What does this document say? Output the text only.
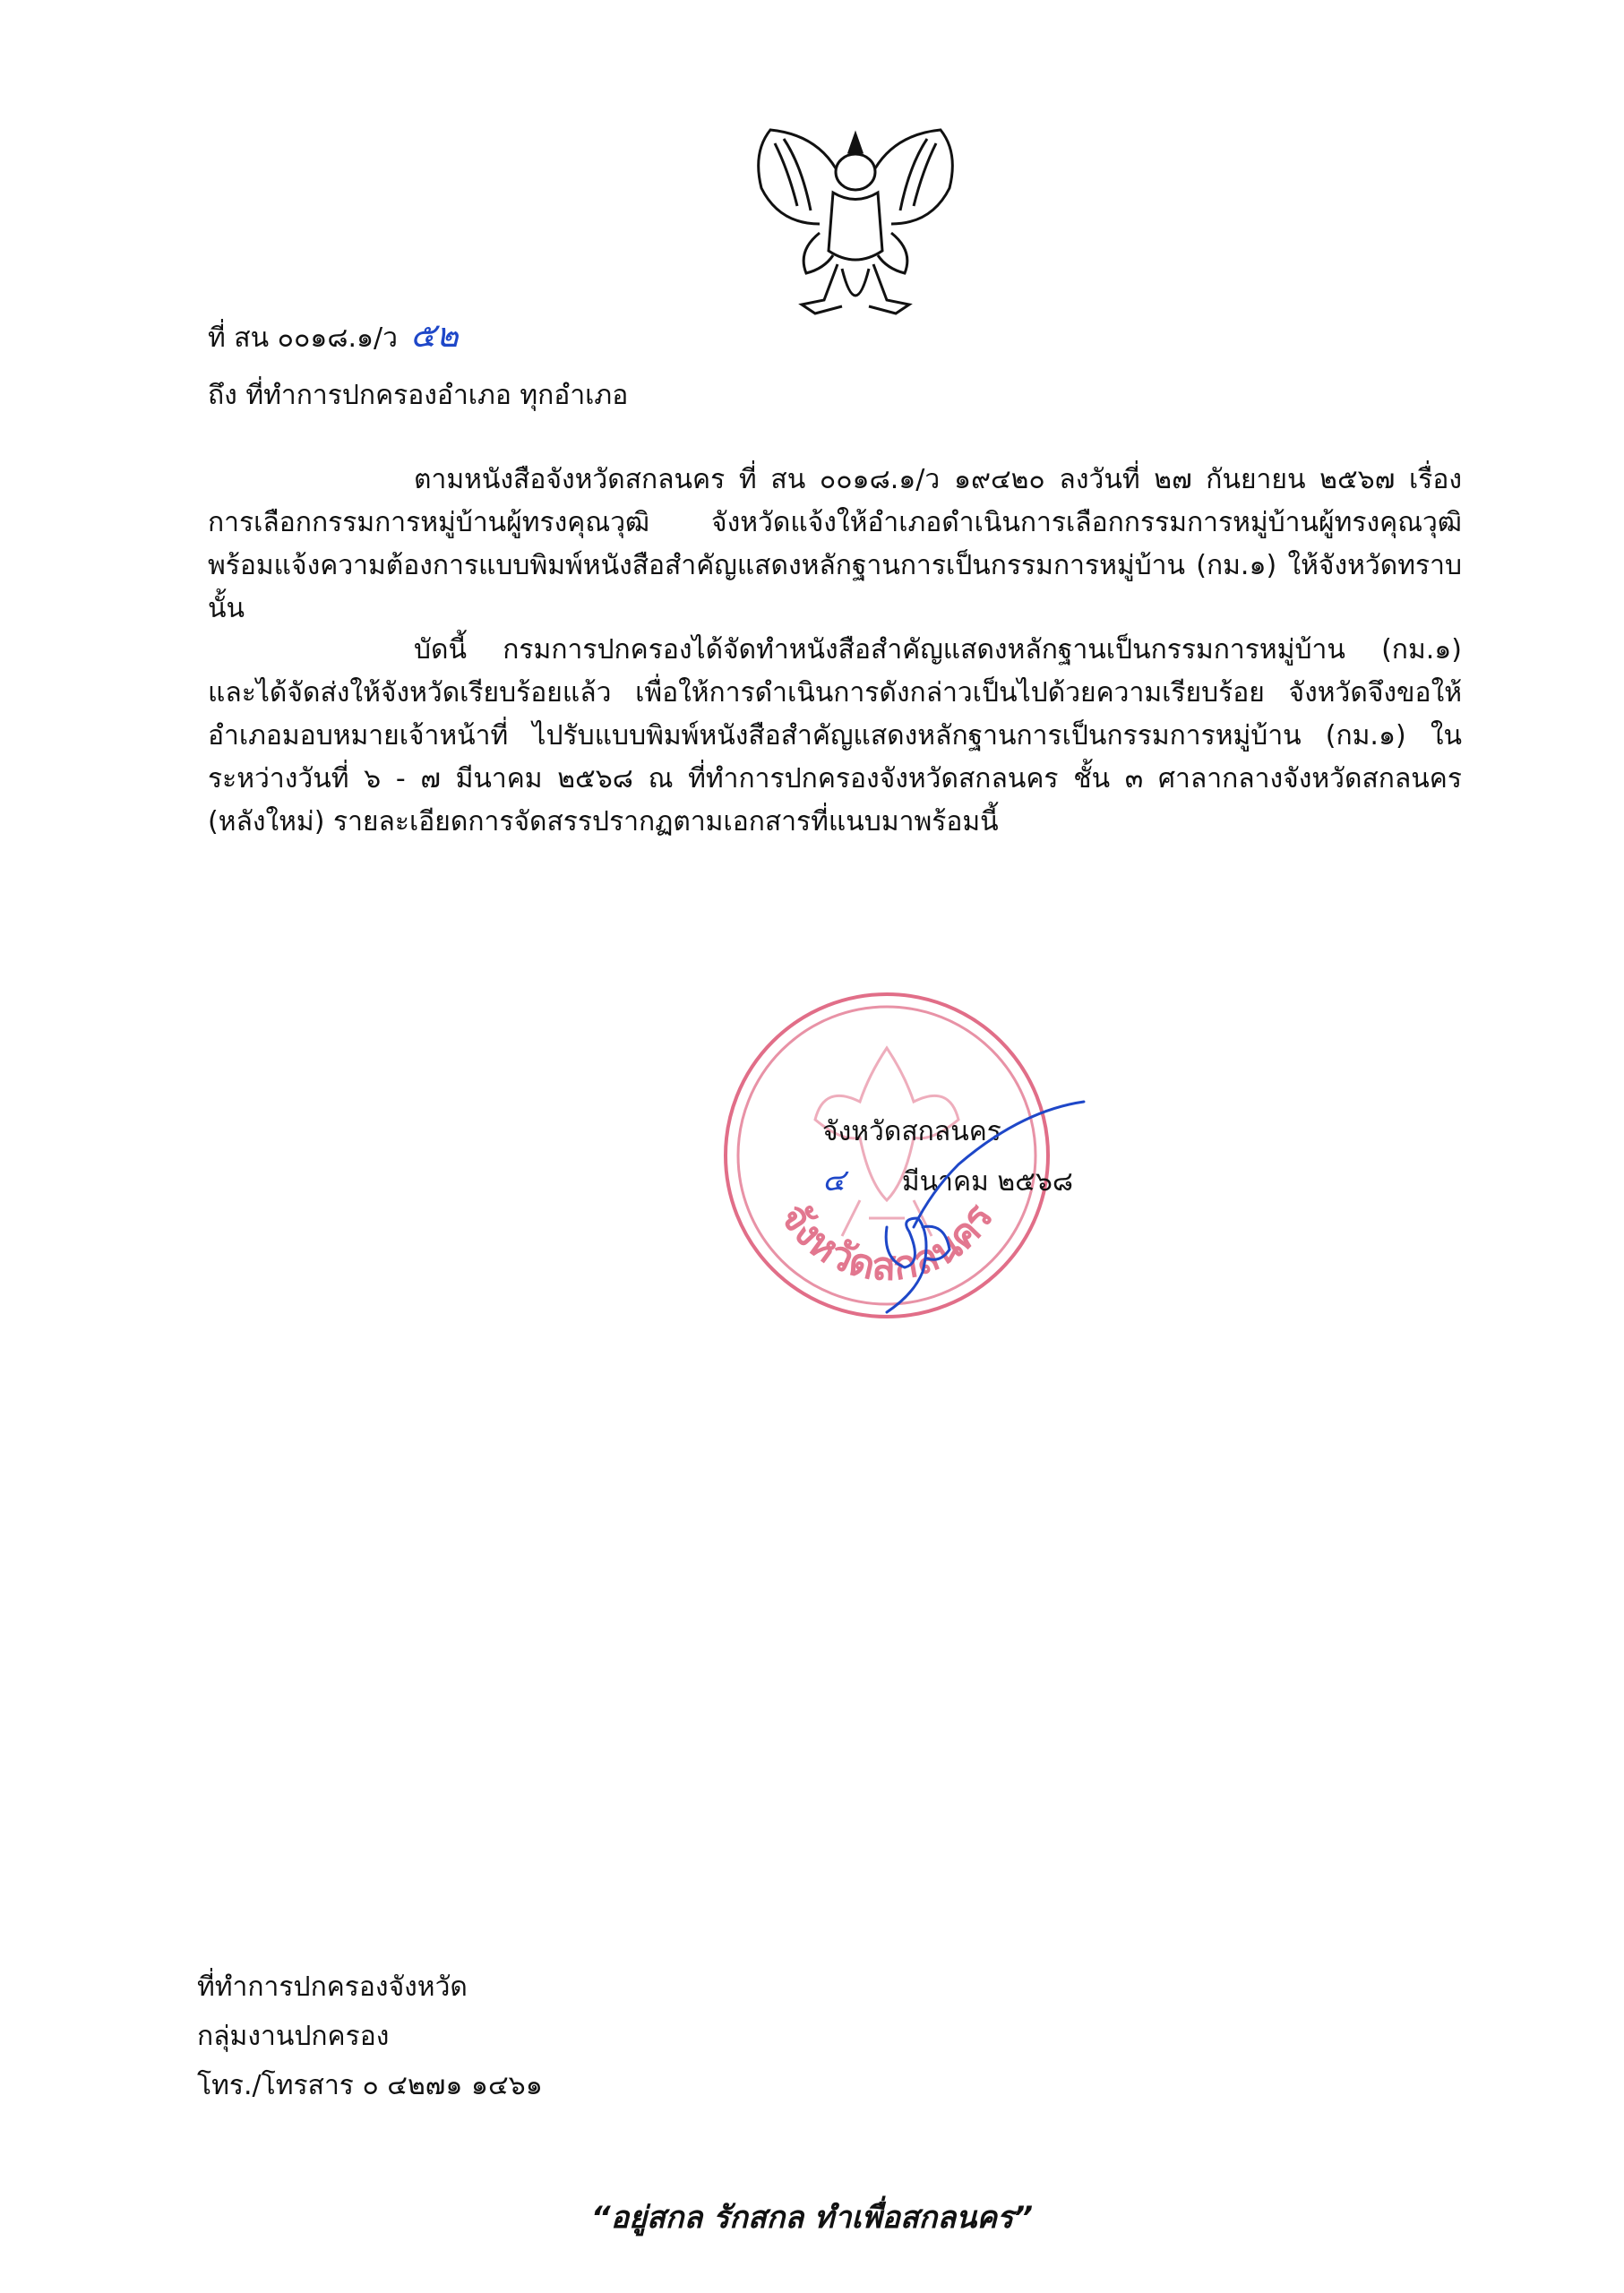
ที่ สน ๐๐๑๘.๑/ว ๕๒
ถึง ที่ทำการปกครองอำเภอ ทุกอำเภอ

ตามหนังสือจังหวัดสกลนคร ที่ สน ๐๐๑๘.๑/ว ๑๙๔๒๐ ลงวันที่ ๒๗ กันยายน ๒๕๖๗ เรื่อง การเลือกกรรมการหมู่บ้านผู้ทรงคุณวุฒิ จังหวัดแจ้งให้อำเภอดำเนินการเลือกกรรมการหมู่บ้านผู้ทรงคุณวุฒิ พร้อมแจ้งความต้องการแบบพิมพ์หนังสือสำคัญแสดงหลักฐานการเป็นกรรมการหมู่บ้าน (กม.๑) ให้จังหวัดทราบ นั้น

บัดนี้ กรมการปกครองได้จัดทำหนังสือสำคัญแสดงหลักฐานเป็นกรรมการหมู่บ้าน (กม.๑) และได้จัดส่งให้จังหวัดเรียบร้อยแล้ว เพื่อให้การดำเนินการดังกล่าวเป็นไปด้วยความเรียบร้อย จังหวัดจึงขอให้ อำเภอมอบหมายเจ้าหน้าที่ ไปรับแบบพิมพ์หนังสือสำคัญแสดงหลักฐานการเป็นกรรมการหมู่บ้าน (กม.๑) ในระหว่างวันที่ ๖ - ๗ มีนาคม ๒๕๖๘ ณ ที่ทำการปกครองจังหวัดสกลนคร ชั้น ๓ ศาลากลางจังหวัดสกลนคร (หลังใหม่) รายละเอียดการจัดสรรปรากฏตามเอกสารที่แนบมาพร้อมนี้

จังหวัดสกลนคร
จังหวัดสกลนคร
๔ มีนาคม ๒๕๖๘
ที่ทำการปกครองจังหวัด
กลุ่มงานปกครอง
โทร./โทรสาร ๐ ๔๒๗๑ ๑๔๖๑
“อยู่สกล รักสกล ทำเพื่อสกลนคร”
